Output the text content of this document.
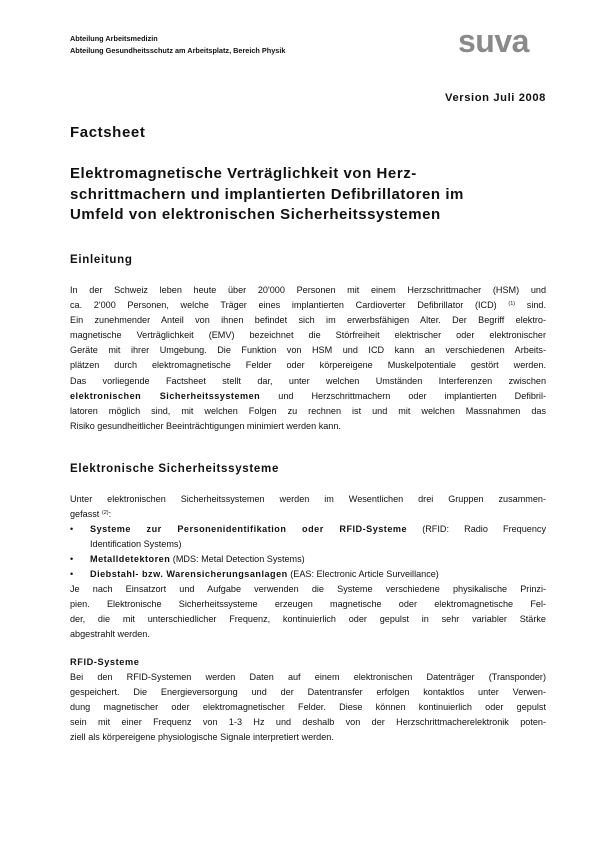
Abteilung Arbeitsmedizin
Abteilung Gesundheitsschutz am Arbeitsplatz, Bereich Physik	suva
Version Juli 2008
Factsheet
Elektromagnetische Verträglichkeit von Herz-
schrittmachern und implantierten Defibrillatoren im
Umfeld von elektronischen Sicherheitssystemen
Einleitung
In der Schweiz leben heute über 20'000 Personen mit einem Herzschrittmacher (HSM) und
ca. 2'000 Personen, welche Träger eines implantierten Cardioverter Defibrillator (ICD) $^{(1)}$ sind.
Ein zunehmender Anteil von ihnen befindet sich im erwerbsfähigen Alter. Der Begriff elektro-
magnetische Verträglichkeit (EMV) bezeichnet die Störfreiheit elektrischer oder elektronischer
Geräte mit ihrer Umgebung. Die Funktion von HSM und ICD kann an verschiedenen Arbeits-
plätzen durch elektromagnetische Felder oder körpereigene Muskelpotentiale gestört werden.
Das vorliegende Factsheet stellt dar, unter welchen Umständen Interferenzen zwischen
elektronischen Sicherheitssystemen und Herzschrittmachern oder implantierten Defibril-
latoren möglich sind, mit welchen Folgen zu rechnen ist und mit welchen Massnahmen das
Risiko gesundheitlicher Beeinträchtigungen minimiert werden kann.
Elektronische Sicherheitssysteme
Unter elektronischen Sicherheitssystemen werden im Wesentlichen drei Gruppen zusammen-
gefasst $^{(2)}$:
• Systeme zur Personenidentifikation oder RFID-Systeme (RFID: Radio Frequency
Identification Systems)
• Metalldetektoren (MDS: Metal Detection Systems)
• Diebstahl- bzw. Warensicherungsanlagen (EAS: Electronic Article Surveillance)
Je nach Einsatzort und Aufgabe verwenden die Systeme verschiedene physikalische Prinzi-
pien. Elektronische Sicherheitssysteme erzeugen magnetische oder elektromagnetische Fel-
der, die mit unterschiedlicher Frequenz, kontinuierlich oder gepulst in sehr variabler Stärke
abgestrahlt werden.
RFID-Systeme
Bei den RFID-Systemen werden Daten auf einem elektronischen Datenträger (Transponder)
gespeichert. Die Energieversorgung und der Datentransfer erfolgen kontaktlos unter Verwen-
dung magnetischer oder elektromagnetischer Felder. Diese können kontinuierlich oder gepulst
sein mit einer Frequenz von 1-3 Hz und deshalb von der Herzschrittmacherelektronik poten-
ziell als körpereigene physiologische Signale interpretiert werden.
